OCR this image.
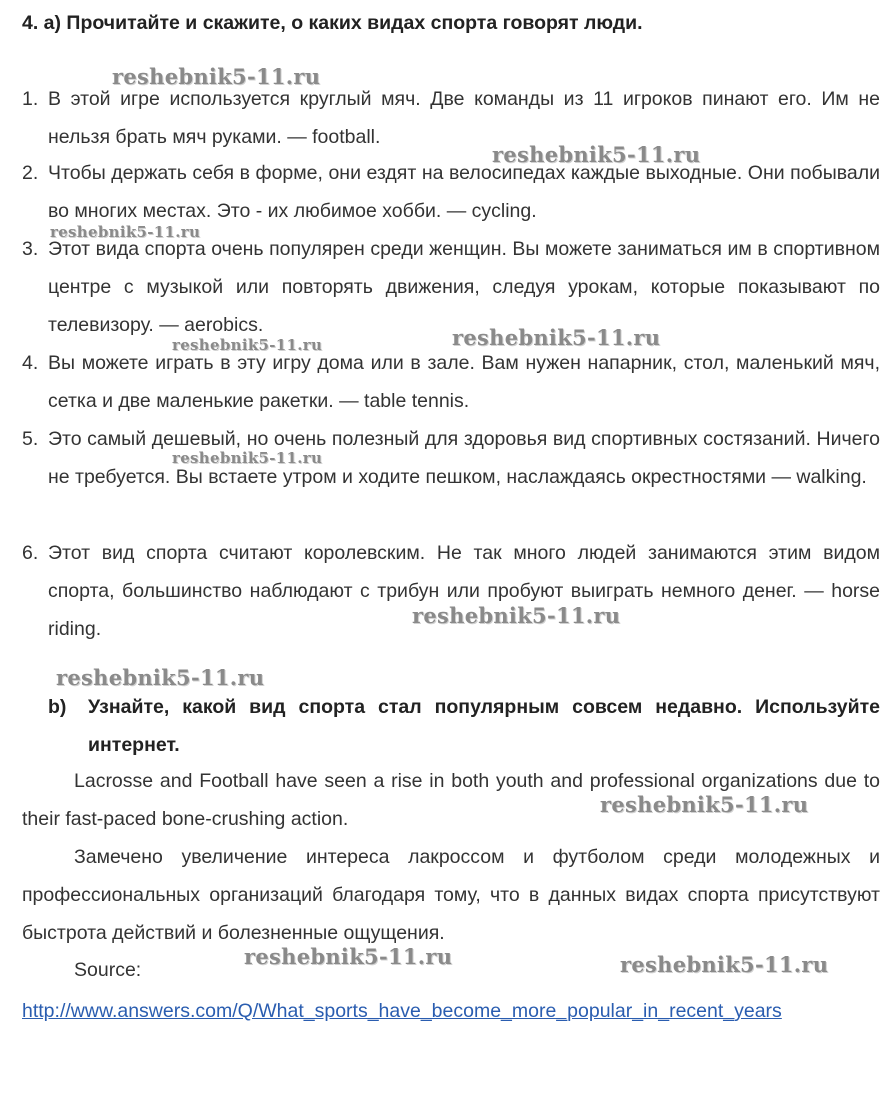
4. а) Прочитайте и скажите, о каких видах спорта говорят люди.
1. В этой игре используется круглый мяч. Две команды из 11 игроков пинают его. Им не нельзя брать мяч руками. — football.
2. Чтобы держать себя в форме, они ездят на велосипедах каждые выходные. Они побывали во многих местах. Это - их любимое хобби. — cycling.
3. Этот вида спорта очень популярен среди женщин. Вы можете заниматься им в спортивном центре с музыкой или повторять движения, следуя урокам, которые показывают по телевизору. — aerobics.
4. Вы можете играть в эту игру дома или в зале. Вам нужен напарник, стол, маленький мяч, сетка и две маленькие ракетки. — table tennis.
5. Это самый дешевый, но очень полезный для здоровья вид спортивных состязаний. Ничего не требуется. Вы встаете утром и ходите пешком, наслаждаясь окрестностями — walking.
6. Этот вид спорта считают королевским. Не так много людей занимаются этим видом спорта, большинство наблюдают с трибун или пробуют выиграть немного денег. — horse riding.
b)	Узнайте, какой вид спорта стал популярным совсем недавно. Используйте интернет.
Lacrosse and Football have seen a rise in both youth and professional organizations due to their fast-paced bone-crushing action.
Замечено увеличение интереса лакроссом и футболом среди молодежных и профессиональных организаций благодаря тому, что в данных видах спорта присутствуют быстрота действий и болезненные ощущения.
Source:
http://www.answers.com/Q/What_sports_have_become_more_popular_in_recent_years
reshebnik5-11.ru
reshebnik5-11.ru
reshebnik5-11.ru
reshebnik5-11.ru
reshebnik5-11.ru
reshebnik5-11.ru
reshebnik5-11.ru
reshebnik5-11.ru
reshebnik5-11.ru
reshebnik5-11.ru	reshebnik5-11.ru
